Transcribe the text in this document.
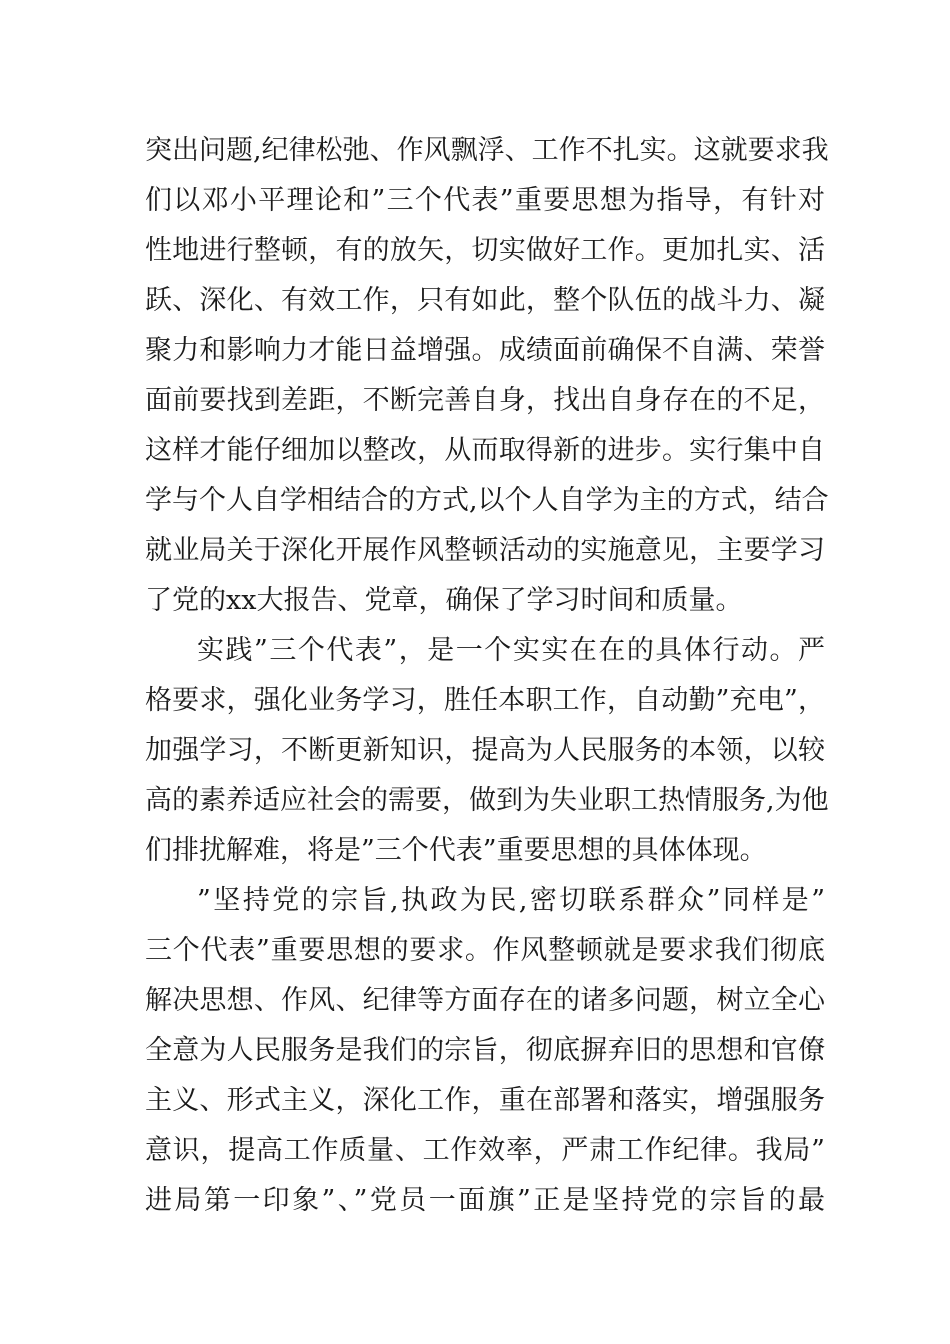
突出问题,纪律松弛、作风飘浮、工作不扎实。这就要求我
们以邓小平理论和”三个代表”重要思想为指导，有针对
性地进行整顿，有的放矢，切实做好工作。更加扎实、活
跃、深化、有效工作，只有如此，整个队伍的战斗力、凝
聚力和影响力才能日益增强。成绩面前确保不自满、荣誉
面前要找到差距，不断完善自身，找出自身存在的不足，
这样才能仔细加以整改，从而取得新的进步。实行集中自
学与个人自学相结合的方式,以个人自学为主的方式，结合
就业局关于深化开展作风整顿活动的实施意见，主要学习
了党的xx大报告、党章，确保了学习时间和质量。
实践”三个代表”，是一个实实在在的具体行动。严
格要求，强化业务学习，胜任本职工作，自动勤”充电”，
加强学习，不断更新知识，提高为人民服务的本领，以较
高的素养适应社会的需要，做到为失业职工热情服务,为他
们排扰解难，将是”三个代表”重要思想的具体体现。
”坚持党的宗旨,执政为民,密切联系群众”同样是”
三个代表”重要思想的要求。作风整顿就是要求我们彻底
解决思想、作风、纪律等方面存在的诸多问题，树立全心
全意为人民服务是我们的宗旨，彻底摒弃旧的思想和官僚
主义、形式主义，深化工作，重在部署和落实，增强服务
意识，提高工作质量、工作效率，严肃工作纪律。我局”
进局第一印象”、”党员一面旗”正是坚持党的宗旨的最
